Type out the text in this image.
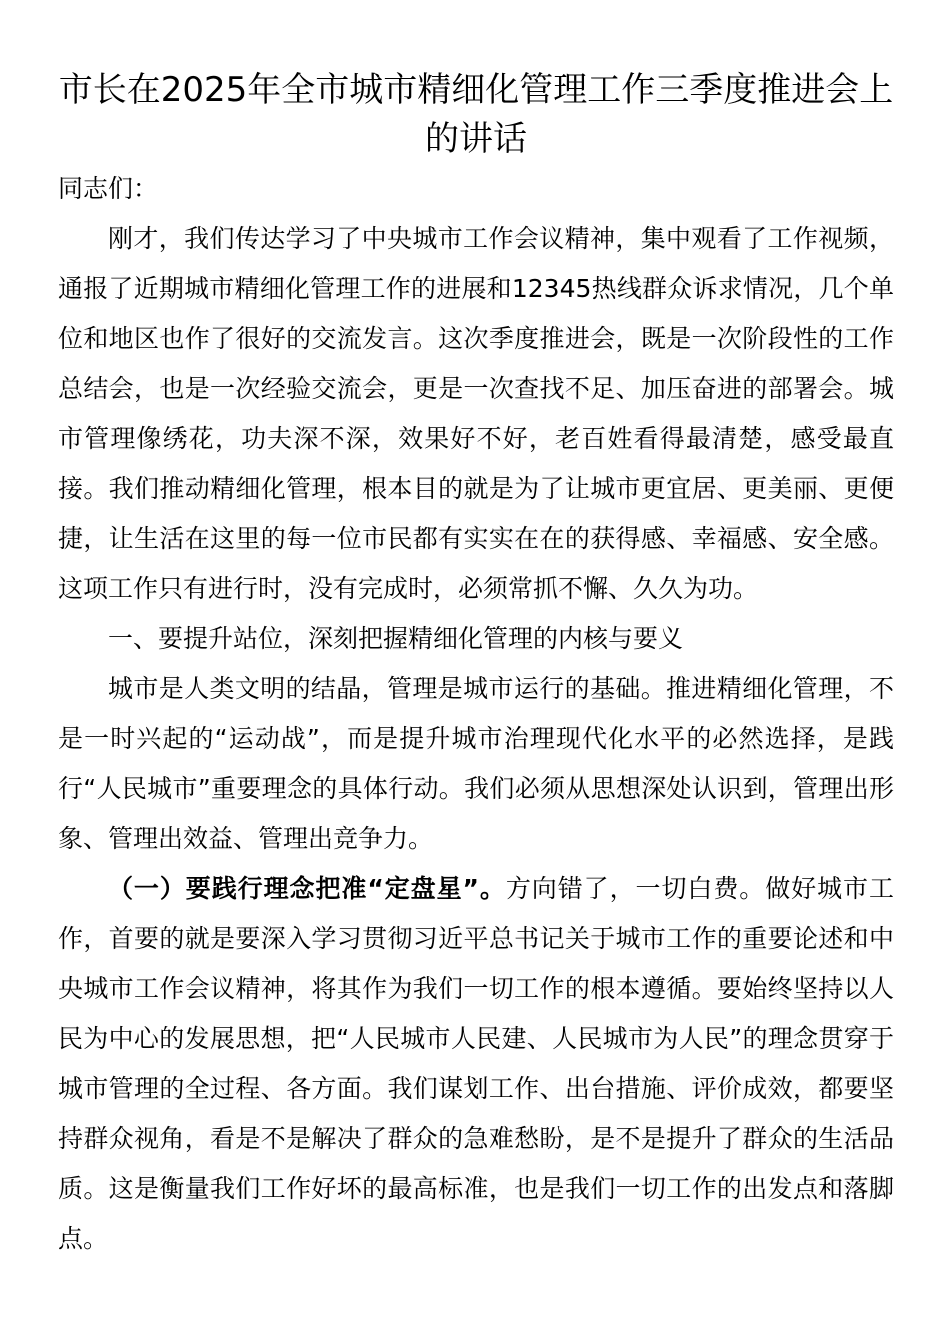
市长在2025年全市城市精细化管理工作三季度推进会上的讲话

同志们：

刚才，我们传达学习了中央城市工作会议精神，集中观看了工作视频，通报了近期城市精细化管理工作的进展和12345热线群众诉求情况，几个单位和地区也作了很好的交流发言。这次季度推进会，既是一次阶段性的工作总结会，也是一次经验交流会，更是一次查找不足、加压奋进的部署会。城市管理像绣花，功夫深不深，效果好不好，老百姓看得最清楚，感受最直接。我们推动精细化管理，根本目的就是为了让城市更宜居、更美丽、更便捷，让生活在这里的每一位市民都有实实在在的获得感、幸福感、安全感。这项工作只有进行时，没有完成时，必须常抓不懈、久久为功。

一、要提升站位，深刻把握精细化管理的内核与要义

城市是人类文明的结晶，管理是城市运行的基础。推进精细化管理，不是一时兴起的“运动战”，而是提升城市治理现代化水平的必然选择，是践行“人民城市”重要理念的具体行动。我们必须从思想深处认识到，管理出形象、管理出效益、管理出竞争力。

（一）要践行理念把准“定盘星”。方向错了，一切白费。做好城市工作，首要的就是要深入学习贯彻习近平总书记关于城市工作的重要论述和中央城市工作会议精神，将其作为我们一切工作的根本遵循。要始终坚持以人民为中心的发展思想，把“人民城市人民建、人民城市为人民”的理念贯穿于城市管理的全过程、各方面。我们谋划工作、出台措施、评价成效，都要坚持群众视角，看是不是解决了群众的急难愁盼，是不是提升了群众的生活品质。这是衡量我们工作好坏的最高标准，也是我们一切工作的出发点和落脚点。
